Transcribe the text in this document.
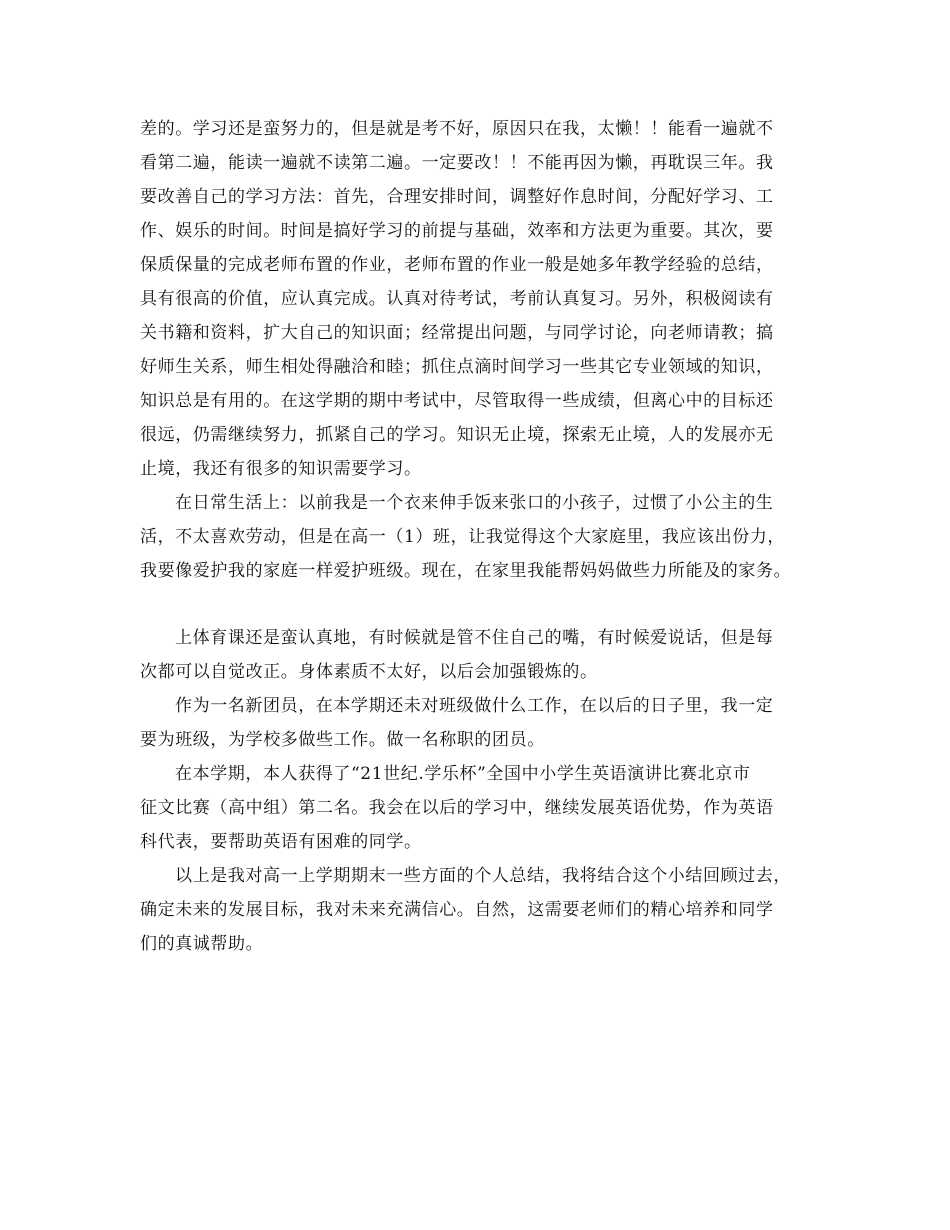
差的。学习还是蛮努力的，但是就是考不好，原因只在我，太懒！！能看一遍就不
看第二遍，能读一遍就不读第二遍。一定要改！！不能再因为懒，再耽误三年。我
要改善自己的学习方法：首先，合理安排时间，调整好作息时间，分配好学习、工
作、娱乐的时间。时间是搞好学习的前提与基础，效率和方法更为重要。其次，要
保质保量的完成老师布置的作业，老师布置的作业一般是她多年教学经验的总结，
具有很高的价值，应认真完成。认真对待考试，考前认真复习。另外，积极阅读有
关书籍和资料，扩大自己的知识面；经常提出问题，与同学讨论，向老师请教；搞
好师生关系，师生相处得融洽和睦；抓住点滴时间学习一些其它专业领域的知识，
知识总是有用的。在这学期的期中考试中，尽管取得一些成绩，但离心中的目标还
很远，仍需继续努力，抓紧自己的学习。知识无止境，探索无止境，人的发展亦无
止境，我还有很多的知识需要学习。
在日常生活上：以前我是一个衣来伸手饭来张口的小孩子，过惯了小公主的生
活，不太喜欢劳动，但是在高一（1）班，让我觉得这个大家庭里，我应该出份力，
我要像爱护我的家庭一样爱护班级。现在，在家里我能帮妈妈做些力所能及的家务。
上体育课还是蛮认真地，有时候就是管不住自己的嘴，有时候爱说话，但是每
次都可以自觉改正。身体素质不太好，以后会加强锻炼的。
作为一名新团员，在本学期还未对班级做什么工作，在以后的日子里，我一定
要为班级，为学校多做些工作。做一名称职的团员。
在本学期，本人获得了“21世纪.学乐杯”全国中小学生英语演讲比赛北京市
征文比赛（高中组）第二名。我会在以后的学习中，继续发展英语优势，作为英语
科代表，要帮助英语有困难的同学。
以上是我对高一上学期期末一些方面的个人总结，我将结合这个小结回顾过去，
确定未来的发展目标，我对未来充满信心。自然，这需要老师们的精心培养和同学
们的真诚帮助。
